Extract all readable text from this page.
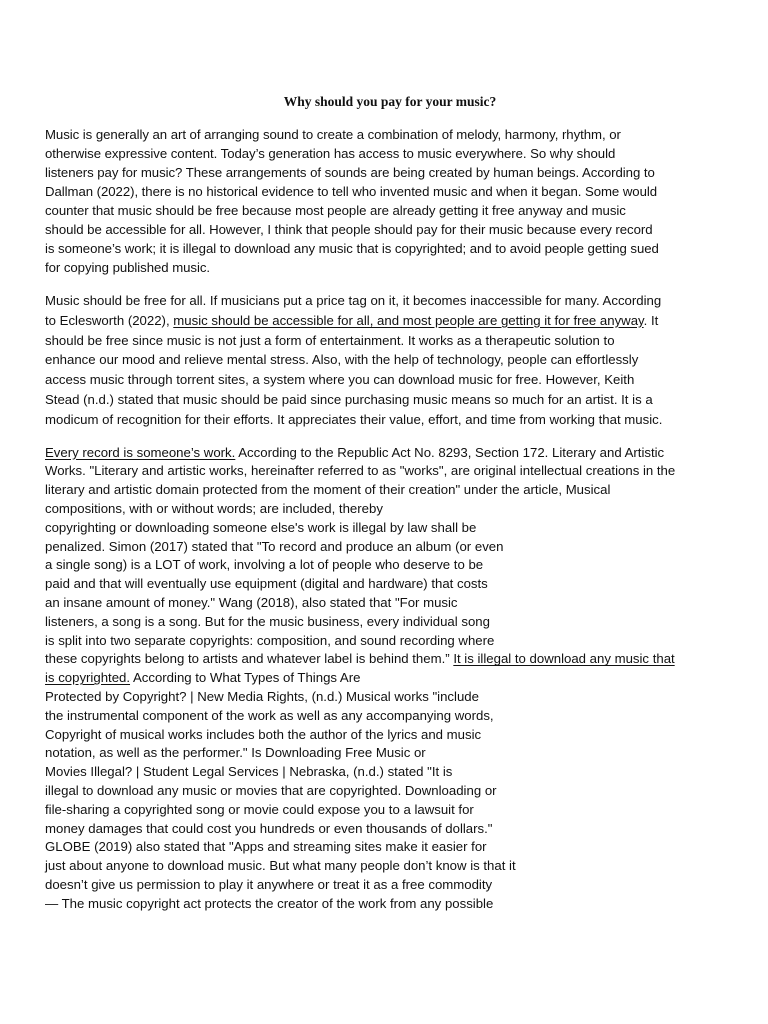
Why should you pay for your music?
Music is generally an art of arranging sound to create a combination of melody, harmony, rhythm, or
otherwise expressive content. Today’s generation has access to music everywhere. So why should
listeners pay for music? These arrangements of sounds are being created by human beings. According to
Dallman (2022), there is no historical evidence to tell who invented music and when it began. Some would
counter that music should be free because most people are already getting it free anyway and music
should be accessible for all. However, I think that people should pay for their music because every record
is someone’s work; it is illegal to download any music that is copyrighted; and to avoid people getting sued
for copying published music.
Music should be free for all. If musicians put a price tag on it, it becomes inaccessible for many. According
to Eclesworth (2022), music should be accessible for all, and most people are getting it for free anyway. It
should be free since music is not just a form of entertainment. It works as a therapeutic solution to
enhance our mood and relieve mental stress. Also, with the help of technology, people can effortlessly
access music through torrent sites, a system where you can download music for free. However, Keith
Stead (n.d.) stated that music should be paid since purchasing music means so much for an artist. It is a
modicum of recognition for their efforts. It appreciates their value, effort, and time from working that music.
Every record is someone’s work. According to the Republic Act No. 8293, Section 172. Literary and Artistic
Works. "Literary and artistic works, hereinafter referred to as "works", are original intellectual creations in the
literary and artistic domain protected from the moment of their creation" under the article, Musical
compositions, with or without words; are included, thereby
copyrighting or downloading someone else's work is illegal by law shall be
penalized. Simon (2017) stated that "To record and produce an album (or even
a single song) is a LOT of work, involving a lot of people who deserve to be
paid and that will eventually use equipment (digital and hardware) that costs
an insane amount of money." Wang (2018), also stated that "For music
listeners, a song is a song. But for the music business, every individual song
is split into two separate copyrights: composition, and sound recording where
these copyrights belong to artists and whatever label is behind them.” It is illegal to download any music that
is copyrighted. According to What Types of Things Are
Protected by Copyright? | New Media Rights, (n.d.) Musical works "include
the instrumental component of the work as well as any accompanying words,
Copyright of musical works includes both the author of the lyrics and music
notation, as well as the performer." Is Downloading Free Music or
Movies Illegal? | Student Legal Services | Nebraska, (n.d.) stated "It is
illegal to download any music or movies that are copyrighted. Downloading or
file-sharing a copyrighted song or movie could expose you to a lawsuit for
money damages that could cost you hundreds or even thousands of dollars."
GLOBE (2019) also stated that "Apps and streaming sites make it easier for
just about anyone to download music. But what many people don’t know is that it
doesn’t give us permission to play it anywhere or treat it as a free commodity
— The music copyright act protects the creator of the work from any possible
